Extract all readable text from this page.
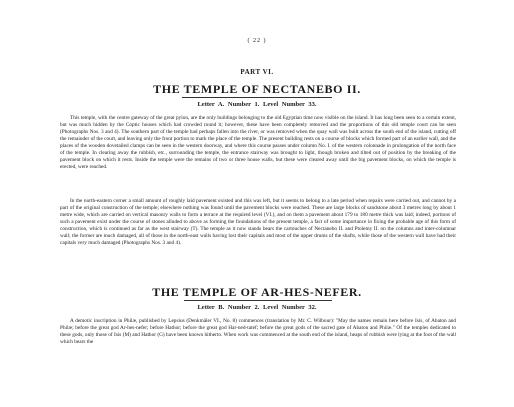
( 22 )
PART VI.
THE TEMPLE OF NECTANEBO II.
Letter A. Number 1. Level Number 33.

This temple, with the centre gateway of the great pylon, are the only buildings belonging to the old Egyptian time now visible on the island. It has long been seen to a certain extent, but was much hidden by the Coptic houses which had crowded round it; however, these have been completely removed and the proportions of this old temple court can be seen (Photographs Nos. 3 and 4). The southern part of the temple had perhaps fallen into the river, or was removed when the quay wall was built across the south end of the island, cutting off the remainder of the court, and leaving only the front portion to mark the place of the temple. The present building rests on a course of blocks which formed part of an earlier wall, and the places of the wooden dovetailed clamps can be seen in the western doorway, and where this course passes under column No. I. of the western colonnade in prolongation of the north face of the temple. In clearing away the rubbish, etc., surrounding the temple, the entrance stairway was brought to light, though broken and tilted out of position by the breaking of the pavement block on which it rests. Inside the temple were the remains of two or three house walls, but these were cleared away until the big pavement blocks, on which the temple is erected, were reached.

In the north-eastern corner a small amount of roughly laid pavement existed and this was left, but it seems to belong to a late period when repairs were carried out, and cannot by a part of the original construction of the temple; elsewhere nothing was found until the pavement blocks were reached. These are large blocks of sandstone about 3 metres long by about 1 metre wide, which are carried on vertical masonry walls to form a terrace at the required level (VI.), and on them a pavement about 179 to 180 metre thick was laid; indeed, portions of such a pavement exist under the course of stones alluded to above as forming the foundations of the present temple, a fact of some importance in fixing the probable age of this form of construction, which is continued as far as the west stairway (T). The temple as it now stands bears the cartouches of Nectanebo II. and Ptolemy II. on the columns and inter-columnar wall; the former are much damaged, all of those in the north-east walls having lost their capitals and most of the upper drums of the shafts, while those of the western wall have had their capitals very much damaged (Photographs Nos. 3 and 4).

THE TEMPLE OF AR-HES-NEFER.
Letter B. Number 2. Level Number 32.

A demotic inscription in Philæ, published by Lepsius (Denkmäler VI., No. 8) commences (translation by Mr. C. Wilbour): "May the names remain here before Isis, of Abaton and Philæ; before the great god Ar-hes-nefer; before Hathor; before the great god Har-ned-tatef; before the great gods of the sacred gate of Abaton and Philæ." Of the temples dedicated to these gods, only those of Isis (M) and Hathor (G) have been known hitherto. When work was commenced at the south end of the island, heaps of rubbish were lying at the foot of the wall which bears the
